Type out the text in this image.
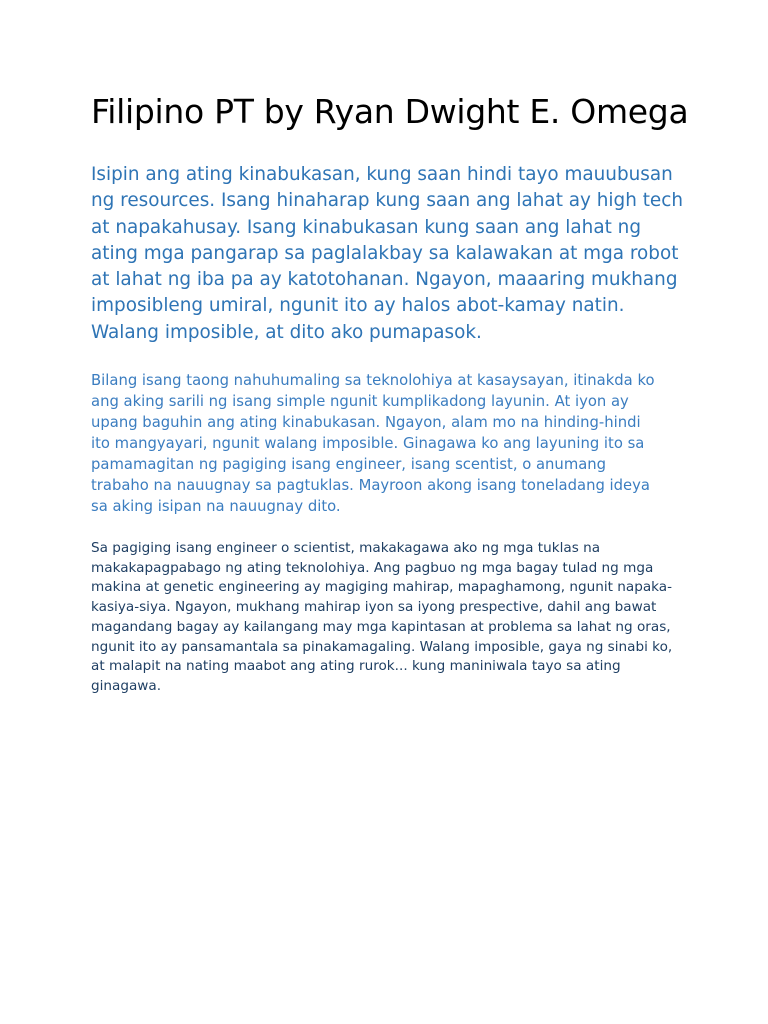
Filipino PT by Ryan Dwight E. Omega

Isipin ang ating kinabukasan, kung saan hindi tayo mauubusan ng resources. Isang hinaharap kung saan ang lahat ay high tech at napakahusay. Isang kinabukasan kung saan ang lahat ng ating mga pangarap sa paglalakbay sa kalawakan at mga robot at lahat ng iba pa ay katotohanan. Ngayon, maaaring mukhang imposibleng umiral, ngunit ito ay halos abot-kamay natin. Walang imposible, at dito ako pumapasok.

Bilang isang taong nahuhumaling sa teknolohiya at kasaysayan, itinakda ko ang aking sarili ng isang simple ngunit kumplikadong layunin. At iyon ay upang baguhin ang ating kinabukasan. Ngayon, alam mo na hinding-hindi ito mangyayari, ngunit walang imposible. Ginagawa ko ang layuning ito sa pamamagitan ng pagiging isang engineer, isang scentist, o anumang trabaho na nauugnay sa pagtuklas. Mayroon akong isang toneladang ideya sa aking isipan na nauugnay dito.

Sa pagiging isang engineer o scientist, makakagawa ako ng mga tuklas na makakapagpabago ng ating teknolohiya. Ang pagbuo ng mga bagay tulad ng mga makina at genetic engineering ay magiging mahirap, mapaghamong, ngunit napaka-kasiya-siya. Ngayon, mukhang mahirap iyon sa iyong prespective, dahil ang bawat magandang bagay ay kailangang may mga kapintasan at problema sa lahat ng oras, ngunit ito ay pansamantala sa pinakamagaling. Walang imposible, gaya ng sinabi ko, at malapit na nating maabot ang ating rurok... kung maniniwala tayo sa ating ginagawa.
